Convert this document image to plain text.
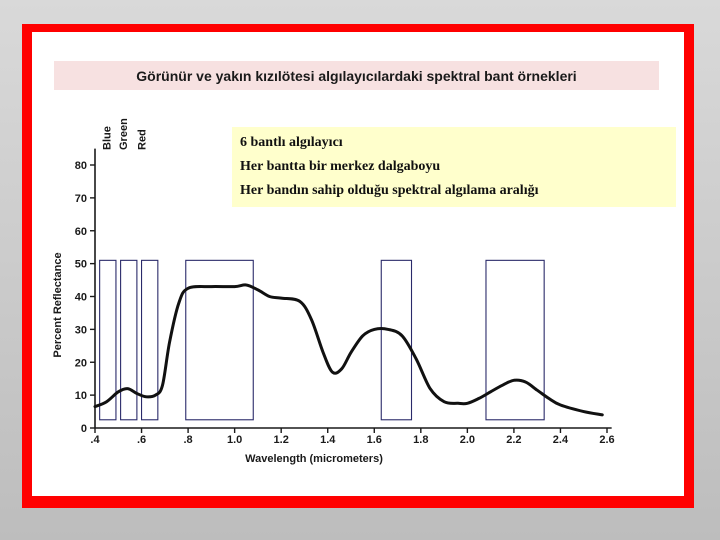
Görünür ve yakın kızılötesi algılayıcılardaki spektral bant örnekleri
6 bantlı algılayıcı
Her bantta bir merkez dalgaboyu
Her bandın sahip olduğu spektral algılama aralığı
0
10
20
30
40
50
60
70
80
.4	.6	.8	1.0	1.2	1.4	1.6	1.8	2.0	2.2	2.4	2.6
Blue Green Red
Wavelength (micrometers)
Percent Reflectance
